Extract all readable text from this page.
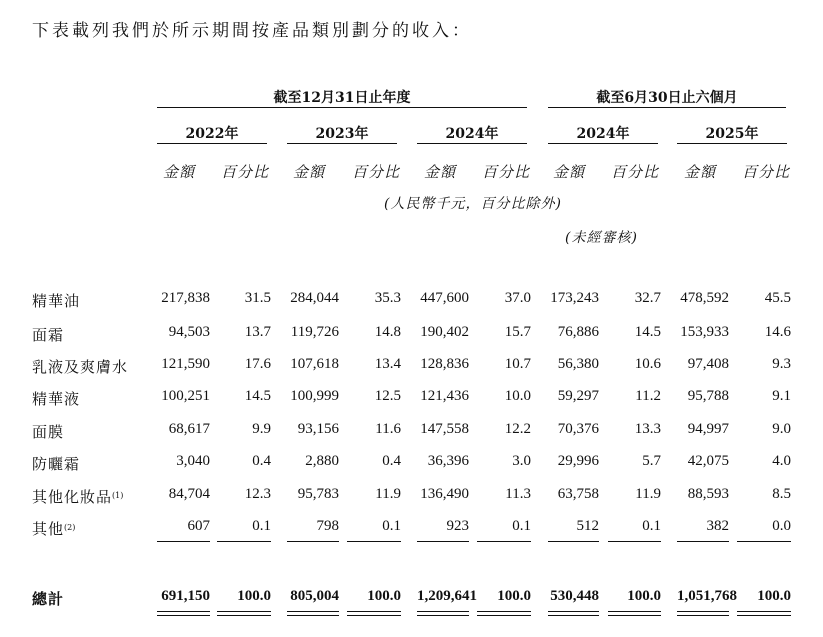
下表載列我們於所示期間按產品類別劃分的收入：
截至12月31日止年度	截至6月30日止六個月
2022年	2023年	2024年	2024年	2025年
金額 百分比 金額 百分比 金額 百分比 金額 百分比 金額 百分比
(人民幣千元，百分比除外)
(未經審核)
精華油	217,838	31.5 284,044	35.3 447,600	37.0 173,243	32.7 478,592	45.5
面霜	94,503	13.7 119,726	14.8 190,402	15.7	76,886	14.5 153,933	14.6
乳液及爽膚水 121,590	17.6 107,618	13.4 128,836	10.7	56,380	10.6	97,408	9.3
精華液	100,251	14.5 100,999	12.5 121,436	10.0	59,297	11.2	95,788	9.1
面膜	68,617	9.9	93,156	11.6 147,558	12.2	70,376	13.3	94,997	9.0
防曬霜	3,040	0.4	2,880	0.4	36,396	3.0	29,996	5.7	42,075	4.0
其他化妝品$^{(1)}$	84,704	12.3	95,783	11.9 136,490	11.3	63,758	11.9	88,593	8.5
其他$^{(2)}$	607	0.1	798	0.1	923	0.1	512	0.1	382	0.0
總計	691,150	100.0 805,004	100.0 1,209,641	100.0 530,448	100.0 1,051,768	100.0
